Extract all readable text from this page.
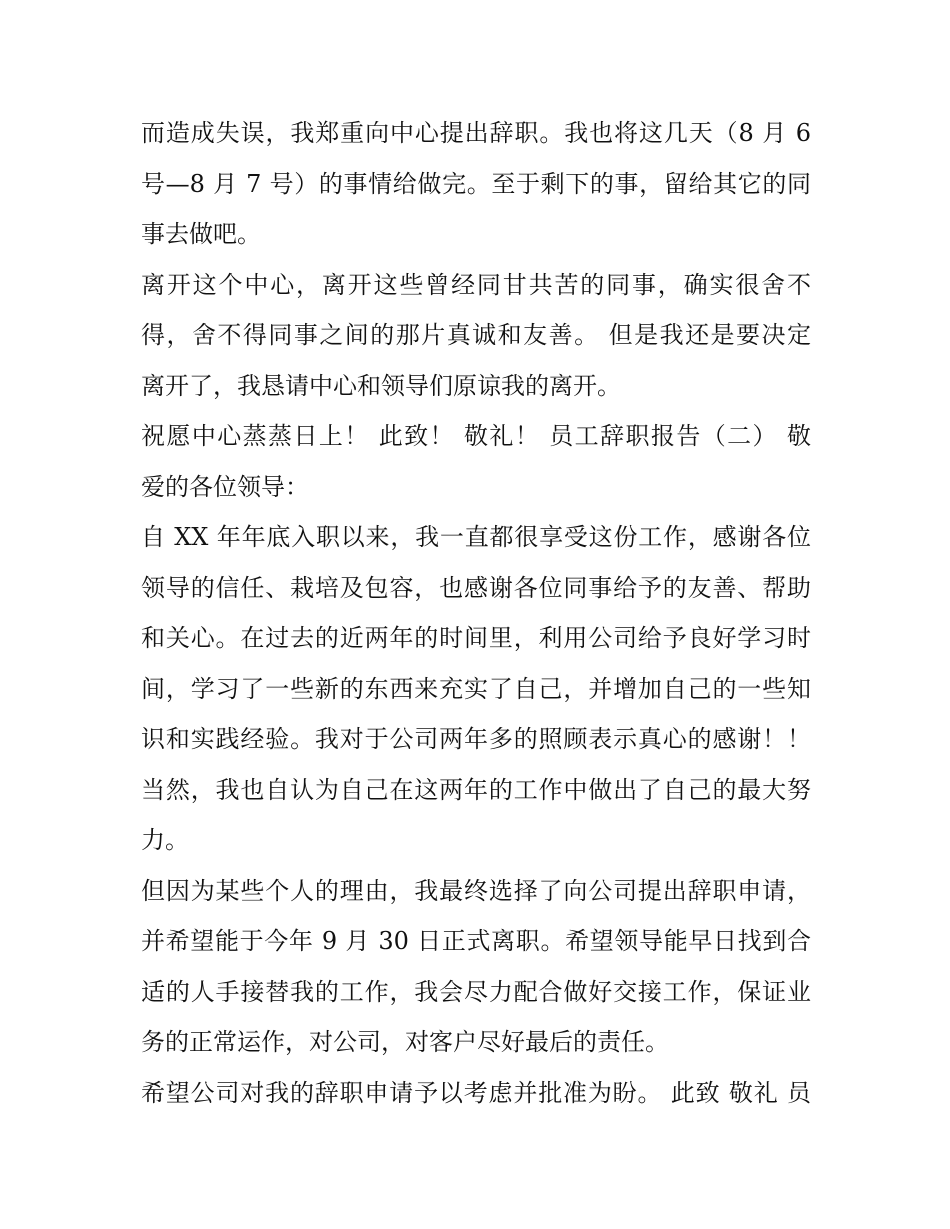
而造成失误，我郑重向中心提出辞职。我也将这几天（8 月 6
号—8 月 7 号）的事情给做完。至于剩下的事，留给其它的同
事去做吧。
离开这个中心，离开这些曾经同甘共苦的同事，确实很舍不
得，舍不得同事之间的那片真诚和友善。 但是我还是要决定
离开了，我恳请中心和领导们原谅我的离开。
祝愿中心蒸蒸日上！ 此致！ 敬礼！ 员工辞职报告（二） 敬
爱的各位领导：
自 XX 年年底入职以来，我一直都很享受这份工作，感谢各位
领导的信任、栽培及包容，也感谢各位同事给予的友善、帮助
和关心。在过去的近两年的时间里，利用公司给予良好学习时
间，学习了一些新的东西来充实了自己，并增加自己的一些知
识和实践经验。我对于公司两年多的照顾表示真心的感谢！！
当然，我也自认为自己在这两年的工作中做出了自己的最大努
力。
但因为某些个人的理由，我最终选择了向公司提出辞职申请，
并希望能于今年 9 月 30 日正式离职。希望领导能早日找到合
适的人手接替我的工作，我会尽力配合做好交接工作，保证业
务的正常运作，对公司，对客户尽好最后的责任。
希望公司对我的辞职申请予以考虑并批准为盼。 此致 敬礼 员
